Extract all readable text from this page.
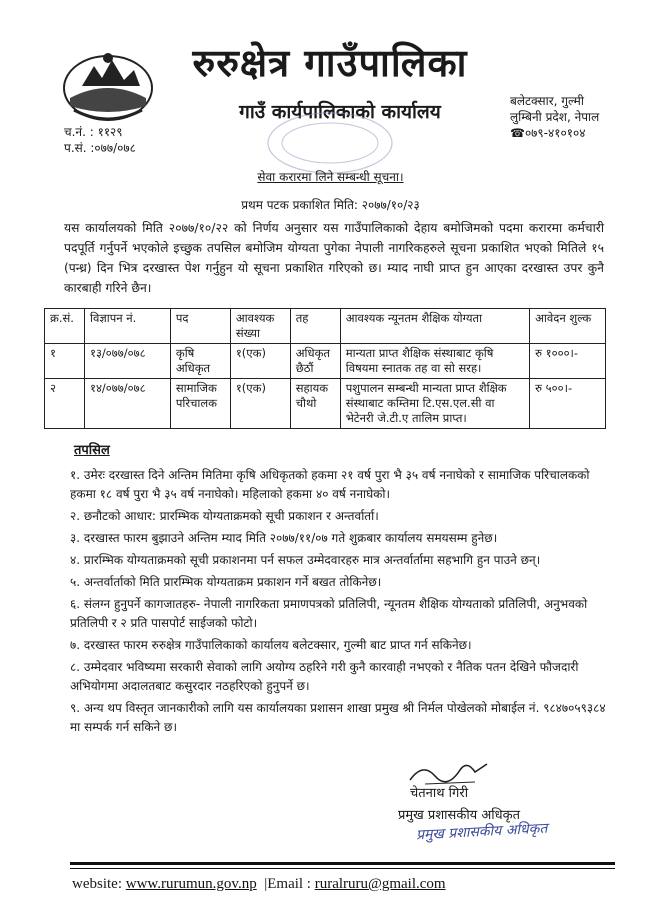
रुरुक्षेत्र गाउँपालिका
गाउँ कार्यपालिकाको कार्यालय	बलेटक्सार, गुल्मी
लुम्बिनी प्रदेश, नेपाल
☎०७९-४१०१०४
च.नं. : ११२९
प.सं. :०७७/०७८
सेवा करारमा लिने सम्बन्धी सूचना।
प्रथम पटक प्रकाशित मिति: २०७७/१०/२३
यस कार्यालयको मिति २०७७/१०/२२ को निर्णय अनुसार यस गाउँपालिकाको देहाय बमोजिमको पदमा करारमा कर्मचारी पदपूर्ति गर्नुपर्ने भएकोले इच्छुक तपसिल बमोजिम योग्यता पुगेका नेपाली नागरिकहरुले सूचना प्रकाशित भएको मितिले १५ (पन्ध्र) दिन भित्र दरखास्त पेश गर्नुहुन यो सूचना प्रकाशित गरिएको छ। म्याद नाघी प्राप्त हुन आएका दरखास्त उपर कुनै कारबाही गरिने छैन।
क्र.सं.	विज्ञापन नं.	पद	आवश्यक संख्या	तह	आवश्यक न्यूनतम शैक्षिक योग्यता	आवेदन शुल्क
१	१३/०७७/०७८	कृषि अधिकृत	१(एक)	अधिकृत छैठौं	मान्यता प्राप्त शैक्षिक संस्थाबाट कृषि विषयमा स्नातक तह वा सो सरह।	रु १०००।-
२	१४/०७७/०७८	सामाजिक परिचालक	१(एक)	सहायक चौथो	पशुपालन सम्बन्धी मान्यता प्राप्त शैक्षिक संस्थाबाट कम्तिमा टि.एस.एल.सी वा भेटेनरी जे.टी.ए तालिम प्राप्त।	रु ५००।-
तपसिल
१. उमेरः दरखास्त दिने अन्तिम मितिमा कृषि अधिकृतको हकमा २१ वर्ष पुरा भै ३५ वर्ष ननाघेको र सामाजिक परिचालकको हकमा १८ वर्ष पुरा भै ३५ वर्ष ननाघेको। महिलाको हकमा ४० वर्ष ननाघेको।
२. छनौटको आधार: प्रारम्भिक योग्यताक्रमको सूची प्रकाशन र अन्तर्वार्ता।
३. दरखास्त फारम बुझाउने अन्तिम म्याद मिति २०७७/११/०७ गते शुक्रबार कार्यालय समयसम्म हुनेछ।
४. प्रारम्भिक योग्यताक्रमको सूची प्रकाशनमा पर्न सफल उम्मेदवारहरु मात्र अन्तर्वार्तामा सहभागि हुन पाउने छन्।
५. अन्तर्वार्ताको मिति प्रारम्भिक योग्यताक्रम प्रकाशन गर्ने बखत तोकिनेछ।
६. संलग्न हुनुपर्ने कागजातहरु- नेपाली नागरिकता प्रमाणपत्रको प्रतिलिपी, न्यूनतम शैक्षिक योग्यताको प्रतिलिपी, अनुभवको प्रतिलिपी र २ प्रति पासपोर्ट साईजको फोटो।
७. दरखास्त फारम रुरुक्षेत्र गाउँपालिकाको कार्यालय बलेटक्सार, गुल्मी बाट प्राप्त गर्न सकिनेछ।
८. उम्मेदवार भविष्यमा सरकारी सेवाको लागि अयोग्य ठहरिने गरी कुनै कारवाही नभएको र नैतिक पतन देखिने फौजदारी अभियोगमा अदालतबाट कसुरदार नठहरिएको हुनुपर्ने छ।
९. अन्य थप विस्तृत जानकारीको लागि यस कार्यालयका प्रशासन शाखा प्रमुख श्री निर्मल पोखेलको मोबाईल नं. ९८४७०५९३८४ मा सम्पर्क गर्न सकिने छ।
चेतनाथ गिरी
प्रमुख प्रशासकीय अधिकृत
प्रमुख प्रशासकीय अधिकृत
website: www.rurumun.gov.np  |Email : ruralruru@gmail.com
